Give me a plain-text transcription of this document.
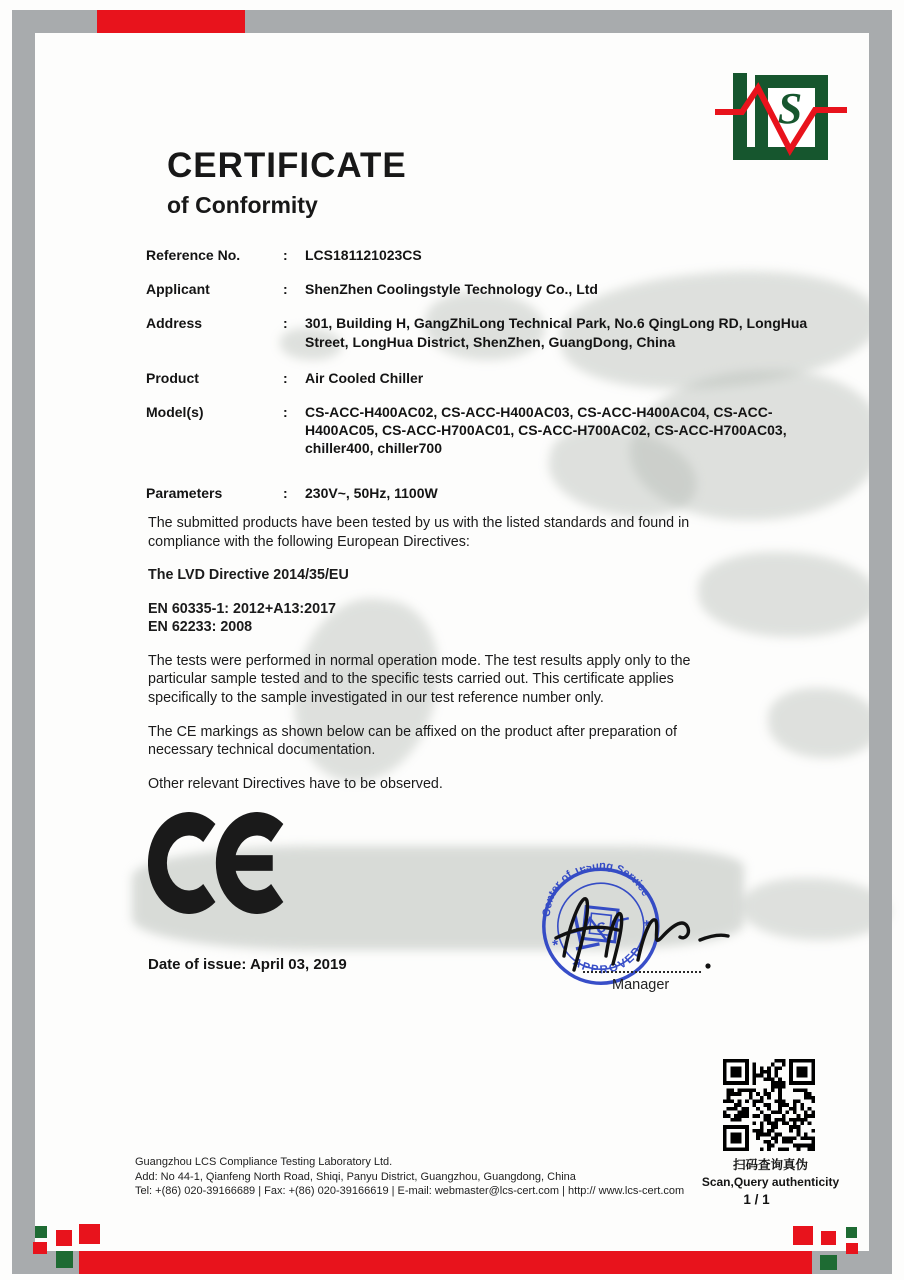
S
CERTIFICATE
of Conformity
Reference No.	:	LCS181121023CS
Applicant	:	ShenZhen Coolingstyle Technology Co., Ltd
Address	:	301, Building H, GangZhiLong Technical Park, No.6 QingLong RD, LongHua Street, LongHua District, ShenZhen, GuangDong, China
Product	:	Air Cooled Chiller
Model(s)	:	CS-ACC-H400AC02, CS-ACC-H400AC03, CS-ACC-H400AC04, CS-ACC-H400AC05, CS-ACC-H700AC01, CS-ACC-H700AC02, CS-ACC-H700AC03, chiller400, chiller700
Parameters	:	230V~, 50Hz, 1100W

The submitted products have been tested by us with the listed standards and found in compliance with the following European Directives:

The LVD Directive 2014/35/EU

EN 60335-1: 2012+A13:2017
EN 62233: 2008

The tests were performed in normal operation mode. The test results apply only to the particular sample tested and to the specific tests carried out. This certificate applies specifically to the sample investigated in our test reference number only.

The CE markings as shown below can be affixed on the product after preparation of necessary technical documentation.

Other relevant Directives have to be observed.

Date of issue: April 03, 2019
Center of Testing Service
APPROVED
*
*
S
Manager
Guangzhou LCS Compliance Testing Laboratory Ltd.
Add: No 44-1, Qianfeng North Road, Shiqi, Panyu District, Guangzhou, Guangdong, China
Tel: +(86) 020-39166689 | Fax: +(86) 020-39166619 | E-mail: webmaster@lcs-cert.com | http:// www.lcs-cert.com
扫码查询真伪
Scan,Query authenticity
1 / 1
